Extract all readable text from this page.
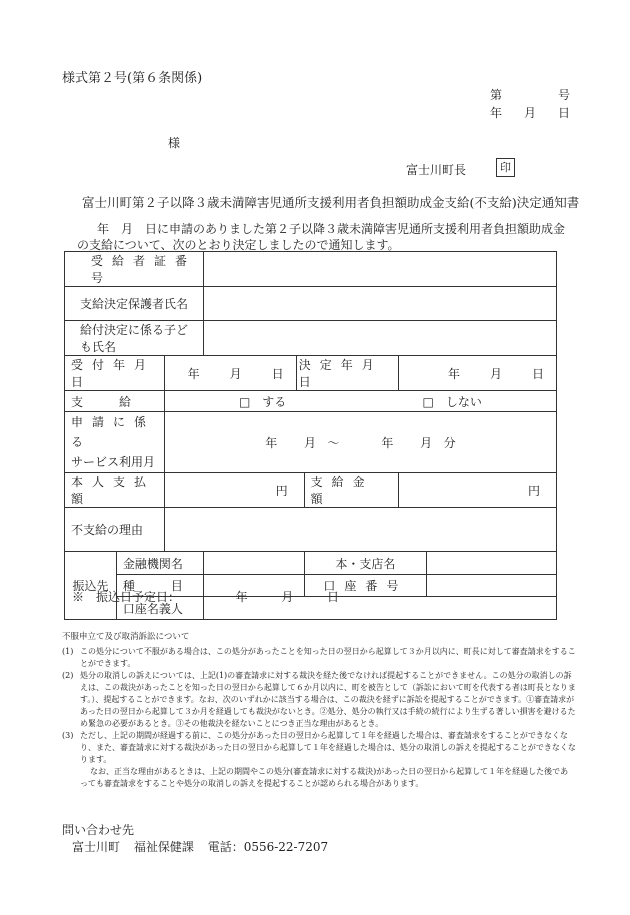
様式第２号(第６条関係)
第	号
年 月 日
様
富士川町長	印
富士川町第２子以降３歳未満障害児通所支援利用者負担額助成金支給(不支給)決定通知書
年　月　日に申請のありました第２子以降３歳未満障害児通所支援利用者負担額助成金の支給について、次のとおり決定しましたので通知します。
受給者証番号							
支給決定保護者氏名							
給付決定に係る子ども氏名							
受付年月日		年 月 日		決定年月日		年 月 日	

支　　　給		□　する □　しない					

申請に係る
サービス利用月		年 月 〜 年 月 分					
本人支払額		円			支給金額	円	
不支給の理由							
振込先	金融機関名				本・支店名		
	種　　　目				口座番号		
	口座名義人						
※　振込日予定日：	年	月	日
不服申立て及び取消訴訟について
(1) この処分について不服がある場合は、この処分があったことを知った日の翌日から起算して３か月以内に、町長に対して審査請求をすることができます。
(2) 処分の取消しの訴えについては、上記(1)の審査請求に対する裁決を経た後でなければ提起することができません。この処分の取消しの訴えは、この裁決があったことを知った日の翌日から起算して６か月以内に、町を被告として（訴訟において町を代表する者は町長となります。）、提起することができます。なお、次のいずれかに該当する場合は、この裁決を経ずに訴訟を提起することができます。①審査請求があった日の翌日から起算して３か月を経過しても裁決がないとき。②処分、処分の執行又は手続の続行により生ずる著しい損害を避けるため緊急の必要があるとき。③その他裁決を経ないことにつき正当な理由があるとき。
(3) ただし、上記の期間が経過する前に、この処分があった日の翌日から起算して１年を経過した場合は、審査請求をすることができなくなり、また、審査請求に対する裁決があった日の翌日から起算して１年を経過した場合は、処分の取消しの訴えを提起することができなくなります。
なお、正当な理由があるときは、上記の期間やこの処分(審査請求に対する裁決)があった日の翌日から起算して１年を経過した後であっても審査請求をすることや処分の取消しの訴えを提起することが認められる場合があります。
問い合わせ先
富士川町 福祉保健課 電話：0556-22-7207
